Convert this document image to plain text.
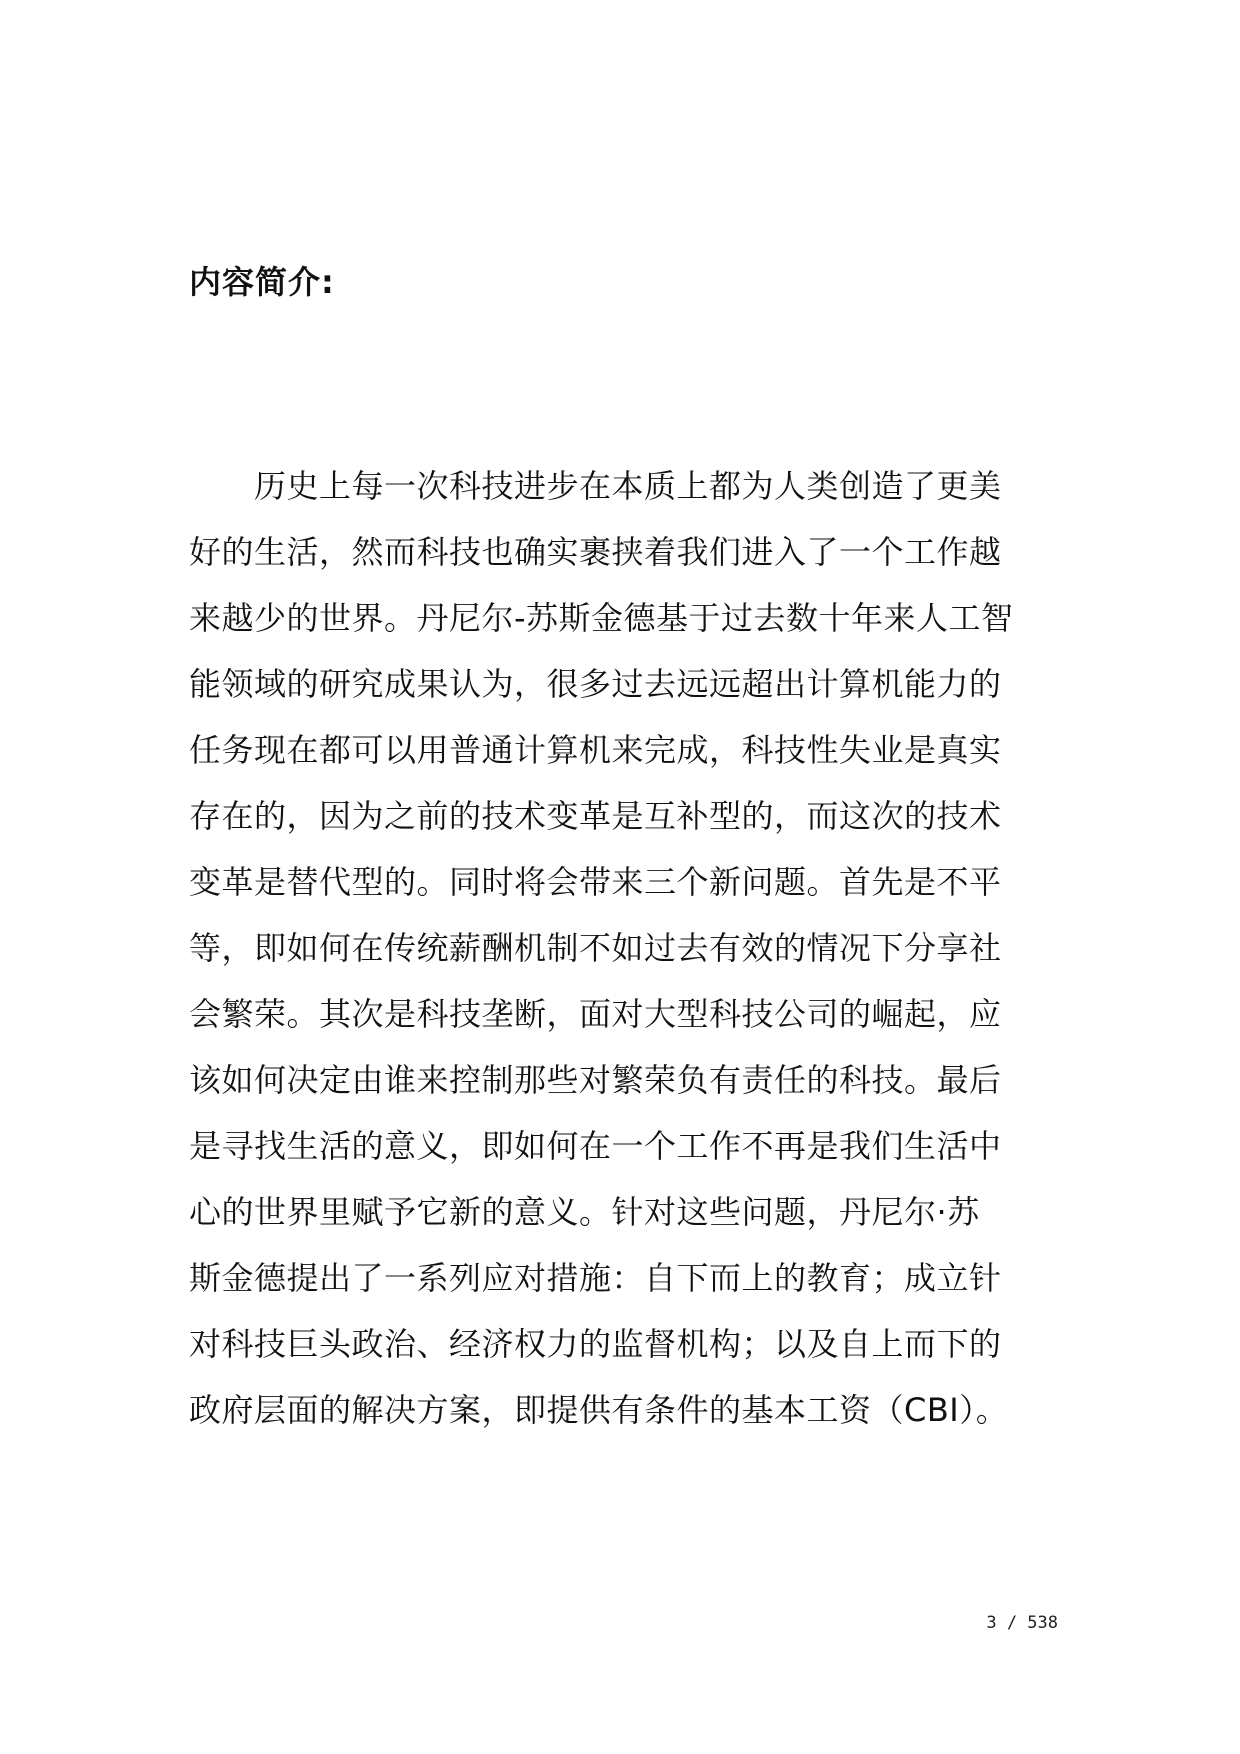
内容简介:
　　历史上每一次科技进步在本质上都为人类创造了更美
好的生活，然而科技也确实裹挟着我们进入了一个工作越
来越少的世界。丹尼尔-苏斯金德基于过去数十年来人工智
能领域的研究成果认为，很多过去远远超出计算机能力的
任务现在都可以用普通计算机来完成，科技性失业是真实
存在的，因为之前的技术变革是互补型的，而这次的技术
变革是替代型的。同时将会带来三个新问题。首先是不平
等，即如何在传统薪酬机制不如过去有效的情况下分享社
会繁荣。其次是科技垄断，面对大型科技公司的崛起，应
该如何决定由谁来控制那些对繁荣负有责任的科技。最后
是寻找生活的意义，即如何在一个工作不再是我们生活中
心的世界里赋予它新的意义。针对这些问题，丹尼尔·苏
斯金德提出了一系列应对措施：自下而上的教育；成立针
对科技巨头政治、经济权力的监督机构；以及自上而下的
政府层面的解决方案，即提供有条件的基本工资（CBI）。
3 / 538
